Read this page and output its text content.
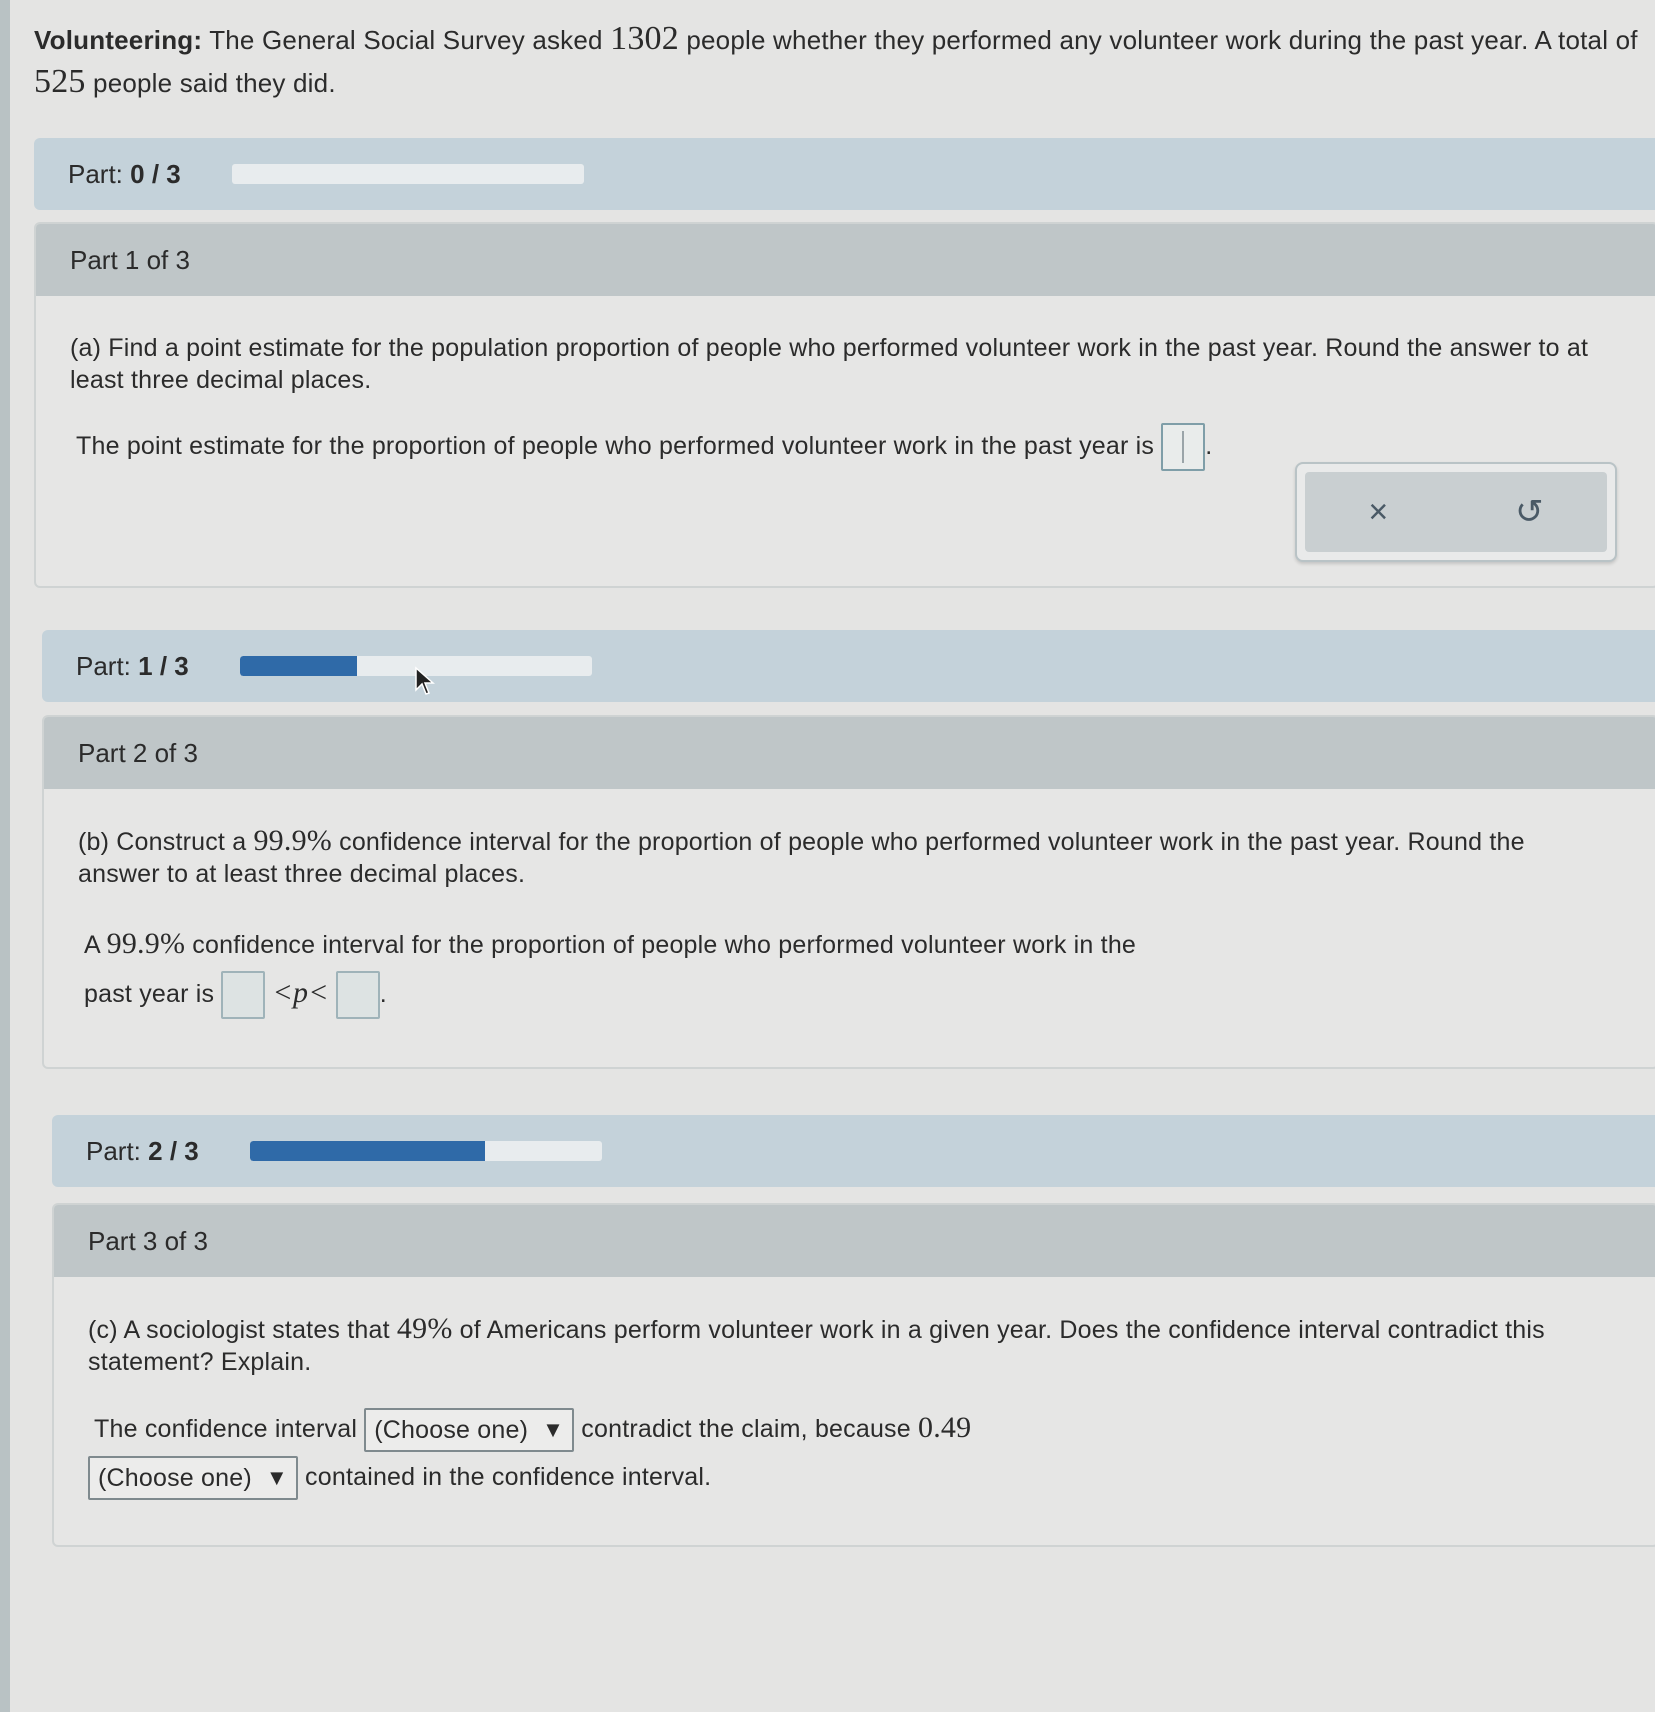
Volunteering: The General Social Survey asked 1302 people whether they performed any volunteer work during the past year. A total of 525 people said they did.
Part: 0 / 3
Part 1 of 3
(a) Find a point estimate for the population proportion of people who performed volunteer work in the past year. Round the answer to at least three decimal places.
The point estimate for the proportion of people who performed volunteer work in the past year is .
×	↺
Part: 1 / 3
Part 2 of 3
(b) Construct a 99.9% confidence interval for the proportion of people who performed volunteer work in the past year. Round the answer to at least three decimal places.
A 99.9% confidence interval for the proportion of people who performed volunteer work in the
past year is <p< .
Part: 2 / 3
Part 3 of 3
(c) A sociologist states that 49% of Americans perform volunteer work in a given year. Does the confidence interval contradict this statement? Explain.
The confidence interval (Choose one) ▼ contradict the claim, because 0.49
(Choose one) ▼ contained in the confidence interval.
